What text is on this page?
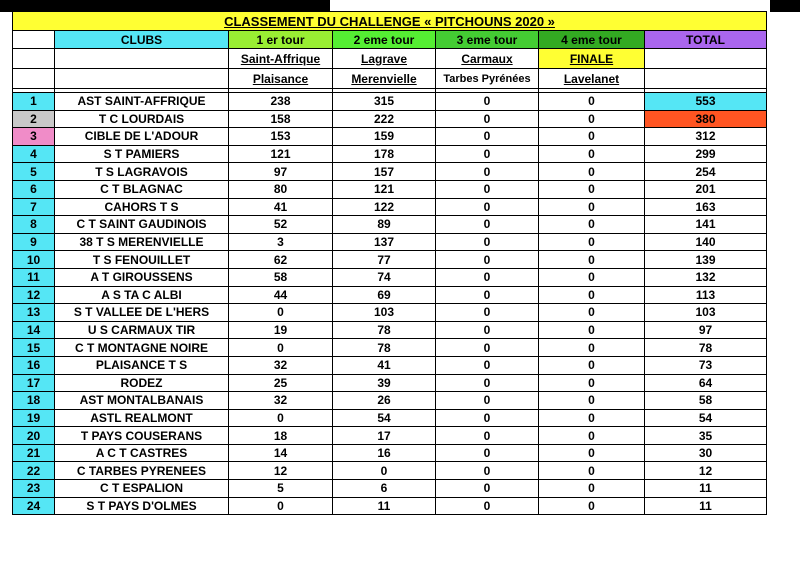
CLASSEMENT DU CHALLENGE « PITCHOUNS 2020 »						
	CLUBS	1 er tour	2 eme tour	3 eme tour	4 eme tour	TOTAL
		Saint-Affrique	Lagrave	Carmaux	FINALE	
		Plaisance	Merenvielle	Tarbes Pyrénées	Lavelanet	

1	AST SAINT-AFFRIQUE	238	315	0	0	553
2	T C LOURDAIS	158	222	0	0	380
3	CIBLE DE L'ADOUR	153	159	0	0	312
4	S T PAMIERS	121	178	0	0	299
5	T S LAGRAVOIS	97	157	0	0	254
6	C T BLAGNAC	80	121	0	0	201
7	CAHORS T S	41	122	0	0	163
8	C T SAINT GAUDINOIS	52	89	0	0	141
9	38 T S MERENVIELLE	3	137	0	0	140
10	T S FENOUILLET	62	77	0	0	139
11	A T GIROUSSENS	58	74	0	0	132
12	A S TA C ALBI	44	69	0	0	113
13	S T VALLEE DE L'HERS	0	103	0	0	103
14	U S CARMAUX TIR	19	78	0	0	97
15	C T MONTAGNE NOIRE	0	78	0	0	78
16	PLAISANCE T S	32	41	0	0	73
17	RODEZ	25	39	0	0	64
18	AST MONTALBANAIS	32	26	0	0	58
19	ASTL REALMONT	0	54	0	0	54
20	T PAYS COUSERANS	18	17	0	0	35
21	A C T CASTRES	14	16	0	0	30
22	C TARBES PYRENEES	12	0	0	0	12
23	C T ESPALION	5	6	0	0	11
24	S T PAYS D'OLMES	0	11	0	0	11
